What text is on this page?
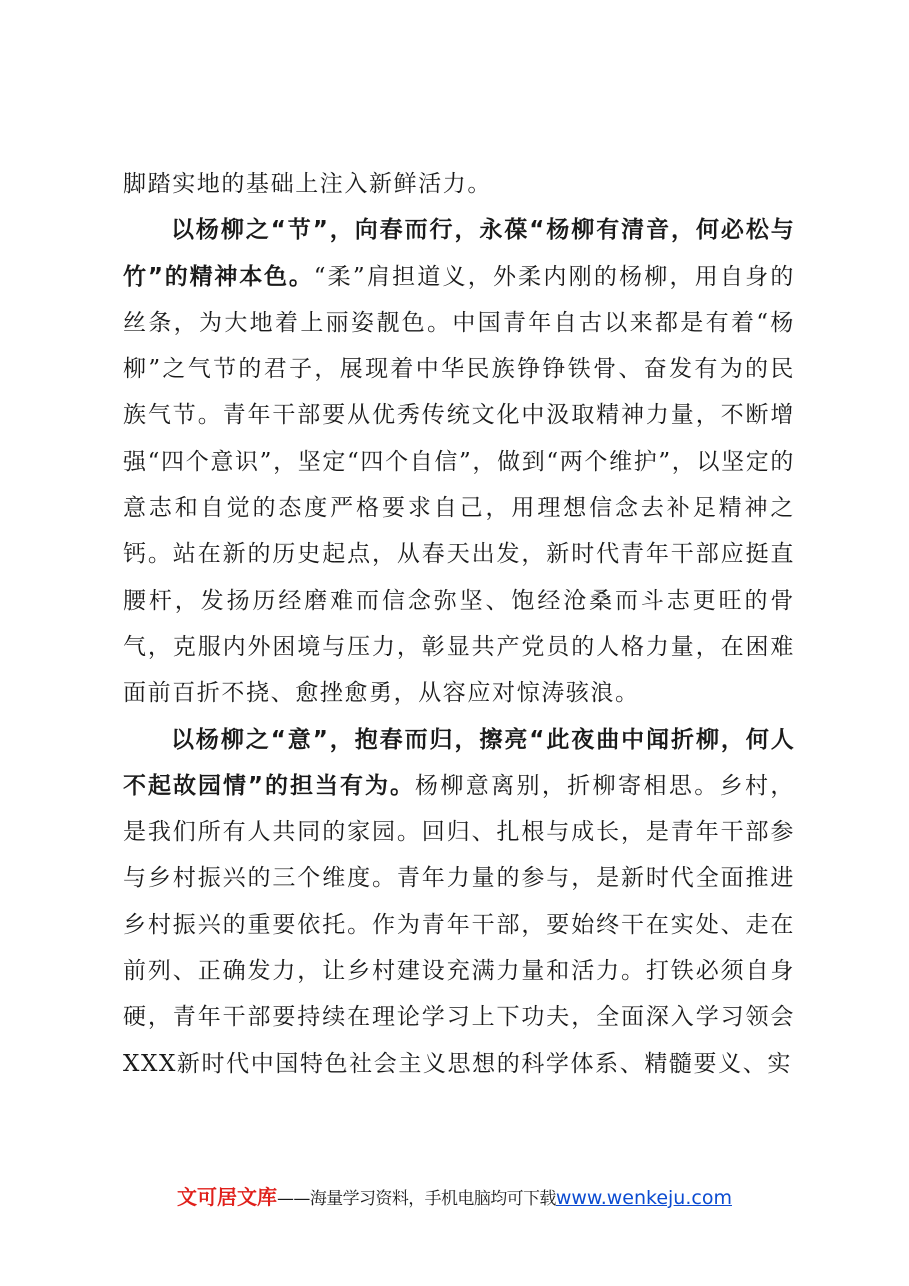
脚踏实地的基础上注入新鲜活力。

以杨柳之“节”，向春而行，永葆“杨柳有清音，何必松与竹”的精神本色。“柔”肩担道义，外柔内刚的杨柳，用自身的丝条，为大地着上丽姿靓色。中国青年自古以来都是有着“杨柳”之气节的君子，展现着中华民族铮铮铁骨、奋发有为的民族气节。青年干部要从优秀传统文化中汲取精神力量，不断增强“四个意识”，坚定“四个自信”，做到“两个维护”，以坚定的意志和自觉的态度严格要求自己，用理想信念去补足精神之钙。站在新的历史起点，从春天出发，新时代青年干部应挺直腰杆，发扬历经磨难而信念弥坚、饱经沧桑而斗志更旺的骨气，克服内外困境与压力，彰显共产党员的人格力量，在困难面前百折不挠、愈挫愈勇，从容应对惊涛骇浪。

以杨柳之“意”，抱春而归，擦亮“此夜曲中闻折柳，何人不起故园情”的担当有为。杨柳意离别，折柳寄相思。乡村，是我们所有人共同的家园。回归、扎根与成长，是青年干部参与乡村振兴的三个维度。青年力量的参与，是新时代全面推进乡村振兴的重要依托。作为青年干部，要始终干在实处、走在前列、正确发力，让乡村建设充满力量和活力。打铁必须自身硬，青年干部要持续在理论学习上下功夫，全面深入学习领会XXX新时代中国特色社会主义思想的科学体系、精髓要义、实

文可居文库——海量学习资料，手机电脑均可下载www.wenkeju.com
